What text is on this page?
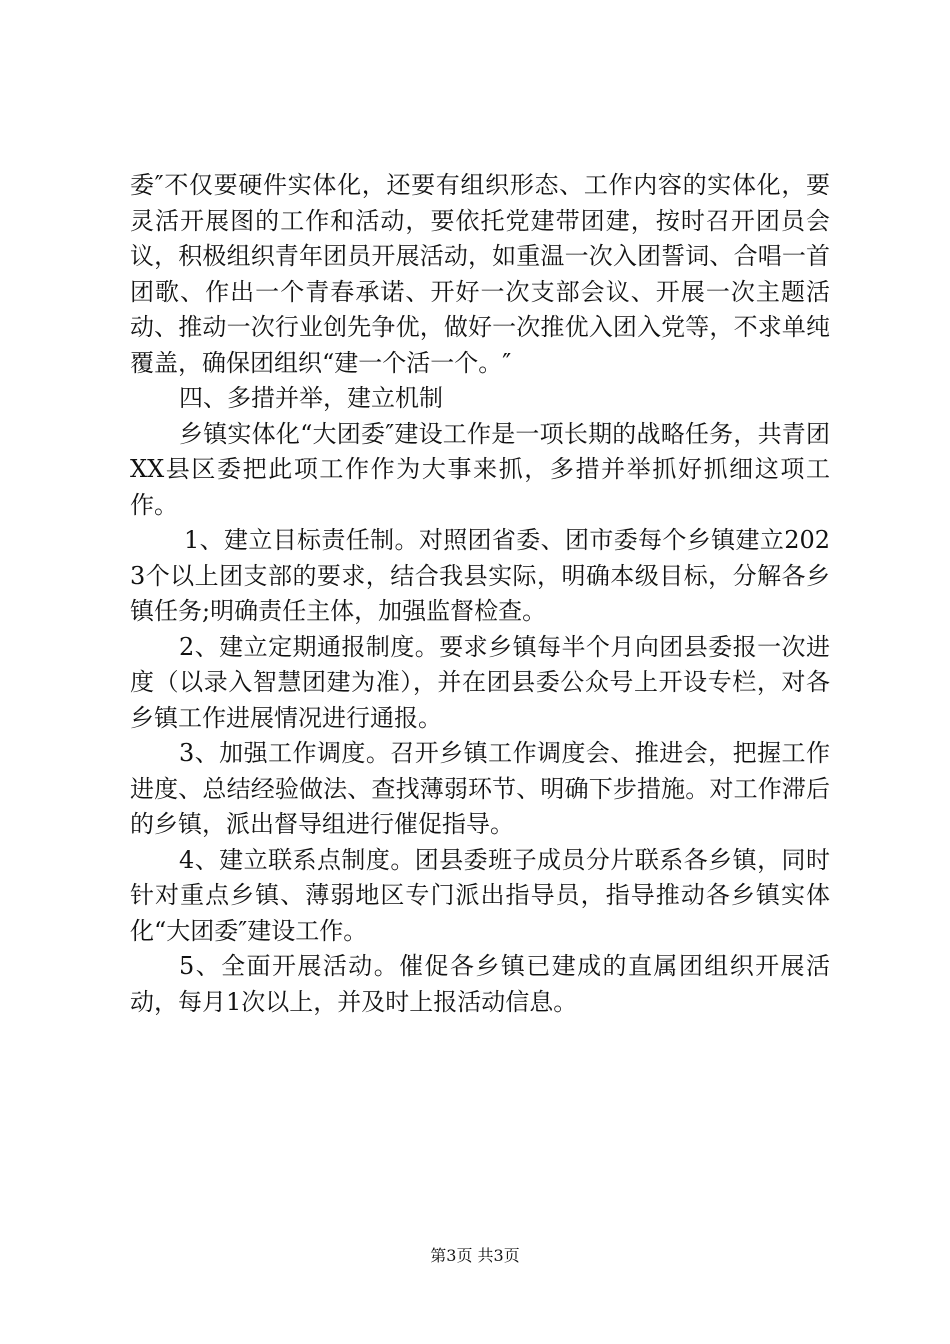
委″不仅要硬件实体化，还要有组织形态、工作内容的实体化，要灵活开展图的工作和活动，要依托党建带团建，按时召开团员会议，积极组织青年团员开展活动，如重温一次入团誓词、合唱一首团歌、作出一个青春承诺、开好一次支部会议、开展一次主题活动、推动一次行业创先争优，做好一次推优入团入党等，不求单纯覆盖，确保团组织“建一个活一个。″

四、多措并举，建立机制

乡镇实体化“大团委″建设工作是一项长期的战略任务，共青团XX县区委把此项工作作为大事来抓，多措并举抓好抓细这项工作。

1、建立目标责任制。对照团省委、团市委每个乡镇建立2023个以上团支部的要求，结合我县实际，明确本级目标，分解各乡镇任务;明确责任主体，加强监督检查。

2、建立定期通报制度。要求乡镇每半个月向团县委报一次进度（以录入智慧团建为准），并在团县委公众号上开设专栏，对各乡镇工作进展情况进行通报。

3、加强工作调度。召开乡镇工作调度会、推进会，把握工作进度、总结经验做法、查找薄弱环节、明确下步措施。对工作滞后的乡镇，派出督导组进行催促指导。

4、建立联系点制度。团县委班子成员分片联系各乡镇，同时针对重点乡镇、薄弱地区专门派出指导员，指导推动各乡镇实体化“大团委″建设工作。

5、全面开展活动。催促各乡镇已建成的直属团组织开展活动，每月1次以上，并及时上报活动信息。

第3页 共3页
